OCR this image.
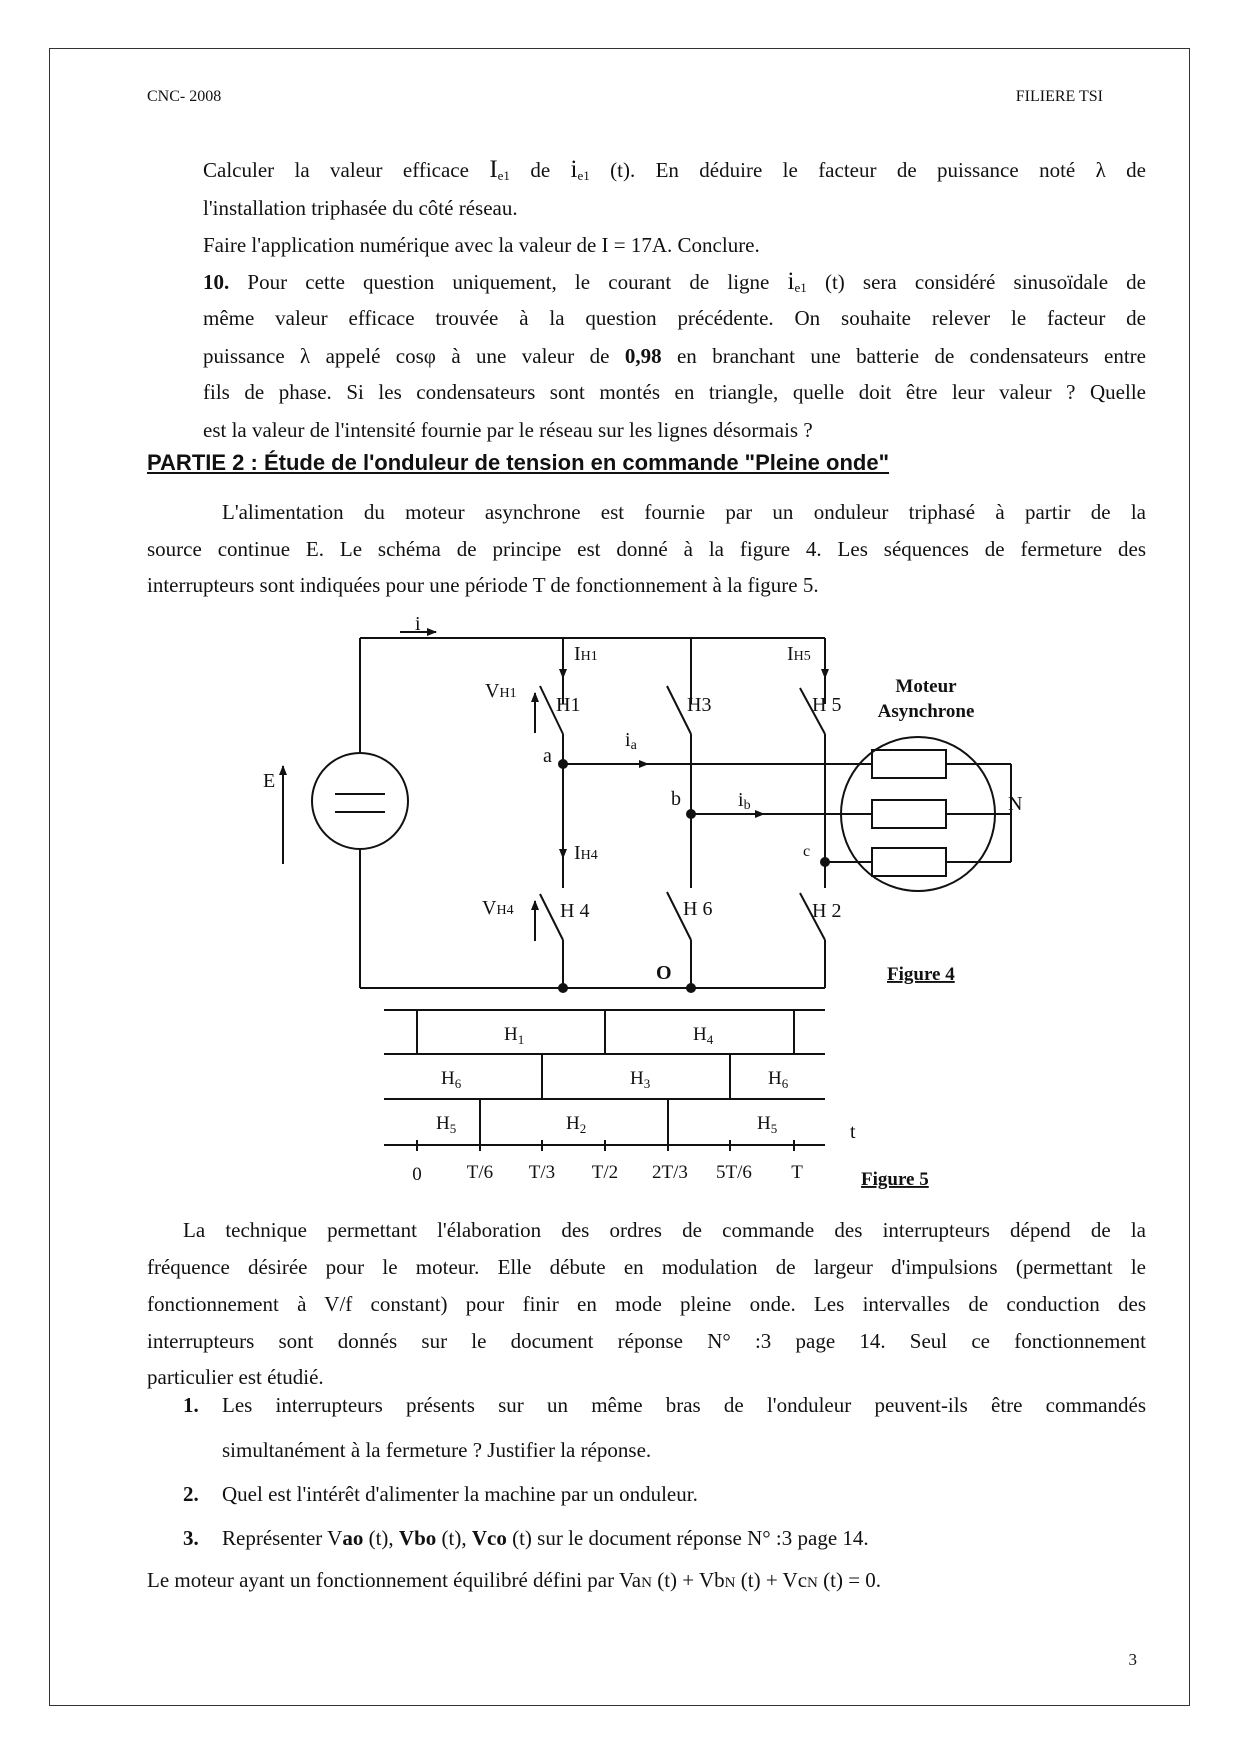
CNC- 2008	FILIERE TSI
Calculer la valeur efficace $I_{e1}$ de $i_{e1}$ (t). En déduire le facteur de puissance noté λ de
l'installation triphasée du côté réseau.
Faire l'application numérique avec la valeur de I = 17A. Conclure.
10. Pour cette question uniquement, le courant de ligne $i_{e1}$ (t) sera considéré sinusoïdale de
même valeur efficace trouvée à la question précédente. On souhaite relever le facteur de
puissance λ appelé cosφ à une valeur de 0,98 en branchant une batterie de condensateurs entre
fils de phase. Si les condensateurs sont montés en triangle, quelle doit être leur valeur ? Quelle
est la valeur de l'intensité fournie par le réseau sur les lignes désormais ?
PARTIE 2 : Étude de l'onduleur de tension en commande "Pleine onde"
L'alimentation du moteur asynchrone est fournie par un onduleur triphasé à partir de la
source continue E. Le schéma de principe est donné à la figure 4. Les séquences de fermeture des
interrupteurs sont indiquées pour une période T de fonctionnement à la figure 5.
E
i
IH1	IH5
IH4
VH1
VH4
H1	H3	H 5
H 4	H 6	H 2
a
b
c
O
N
ia
ib
Moteur
Asynchrone
Figure 4
$H_1$	$H_4$
$H_6$	$H_3$	$H_6$
$H_5$	$H_2$	$H_5$	t
0 T/6 T/3 T/2 2T/3 5T/6 T	Figure 5
La technique permettant l'élaboration des ordres de commande des interrupteurs dépend de la
fréquence désirée pour le moteur. Elle débute en modulation de largeur d'impulsions (permettant le
fonctionnement à V/f constant) pour finir en mode pleine onde. Les intervalles de conduction des
interrupteurs sont donnés sur le document réponse N° :3 page 14. Seul ce fonctionnement
particulier est étudié.
1. Les interrupteurs présents sur un même bras de l'onduleur peuvent-ils être commandés
simultanément à la fermeture ? Justifier la réponse.
2. Quel est l'intérêt d'alimenter la machine par un onduleur.
3. Représenter Vao (t), Vbo (t), Vco (t) sur le document réponse N° :3 page 14.
Le moteur ayant un fonctionnement équilibré défini par VaN (t) + VbN (t) + VcN (t) = 0.
3
